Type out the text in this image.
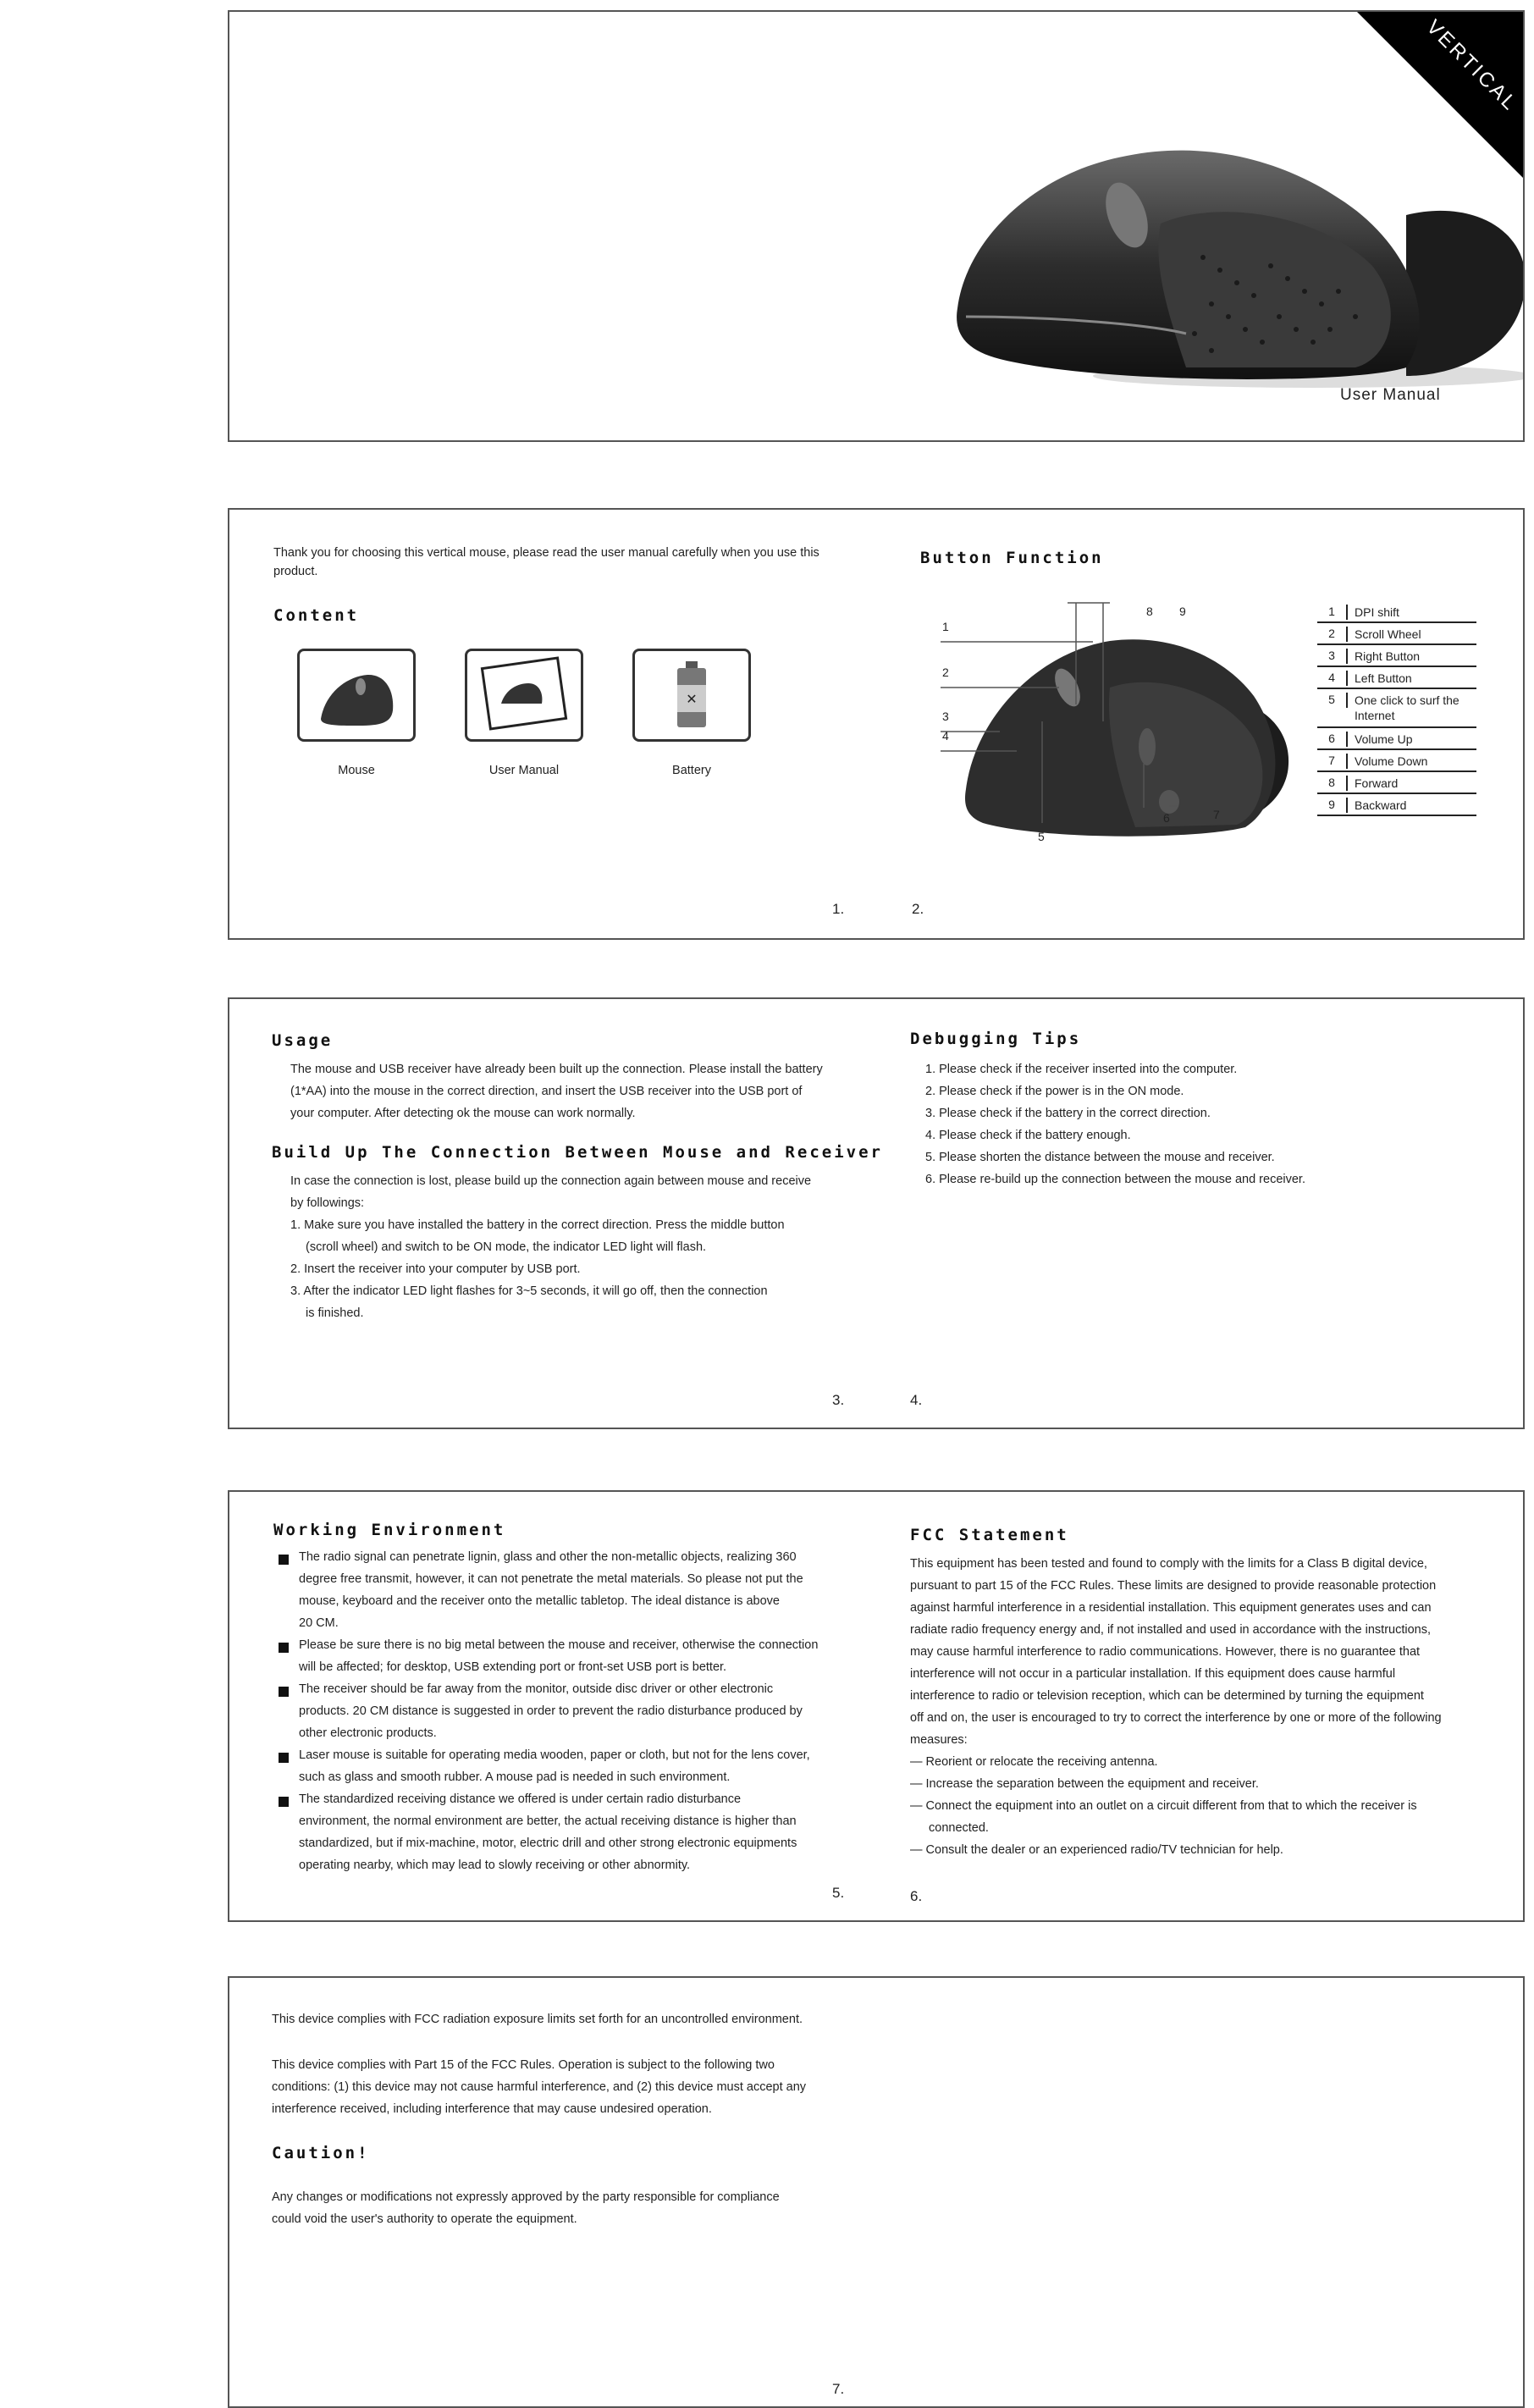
VERTICAL
User Manual
Thank you for choosing this vertical mouse, please read the user manual carefully when you use this product.
Content
Mouse	User Manual
✕
Battery
1.
Button Function
1
2
3
4
5
6	7
8 9	1	DPI shift
2	Scroll Wheel
3	Right Button
4	Left Button
5	One click to surf the Internet
6	Volume Up
7	Volume Down
8	Forward
9	Backward
2.
Usage
The mouse and USB receiver have already been built up the connection. Please install the battery
(1*AA) into the mouse in the correct direction, and insert the USB receiver into the USB port of
your computer. After detecting ok the mouse can work normally.
Build Up The Connection Between Mouse and Receiver
In case the connection is lost, please build up the connection again between mouse and receive
by followings:
1. Make sure you have installed the battery in the correct direction. Press the middle button
(scroll wheel) and switch to be ON mode, the indicator LED light will flash.
2. Insert the receiver into your computer by USB port.
3. After the indicator LED light flashes for 3~5 seconds, it will go off, then the connection
is finished.
3.
Debugging Tips
1. Please check if the receiver inserted into the computer.
2. Please check if the power is in the ON mode.
3. Please check if the battery in the correct direction.
4. Please check if the battery enough.
5. Please shorten the distance between the mouse and receiver.
6. Please re-build up the connection between the mouse and receiver.
4.
Working Environment
The radio signal can penetrate lignin, glass and other the non-metallic objects, realizing 360
degree free transmit, however, it can not penetrate the metal materials. So please not put the
mouse, keyboard and the receiver onto the metallic tabletop. The ideal distance is above
20 CM.
Please be sure there is no big metal between the mouse and receiver, otherwise the connection
will be affected; for desktop, USB extending port or front-set USB port is better.
The receiver should be far away from the monitor, outside disc driver or other electronic
products. 20 CM distance is suggested in order to prevent the radio disturbance produced by
other electronic products.
Laser mouse is suitable for operating media wooden, paper or cloth, but not for the lens cover,
such as glass and smooth rubber. A mouse pad is needed in such environment.
The standardized receiving distance we offered is under certain radio disturbance
environment, the normal environment are better, the actual receiving distance is higher than
standardized, but if mix-machine, motor, electric drill and other strong electronic equipments
operating nearby, which may lead to slowly receiving or other abnormity.
5.
FCC Statement
This equipment has been tested and found to comply with the limits for a Class B digital device,
pursuant to part 15 of the FCC Rules. These limits are designed to provide reasonable protection
against harmful interference in a residential installation. This equipment generates uses and can
radiate radio frequency energy and, if not installed and used in accordance with the instructions,
may cause harmful interference to radio communications. However, there is no guarantee that
interference will not occur in a particular installation. If this equipment does cause harmful
interference to radio or television reception, which can be determined by turning the equipment
off and on, the user is encouraged to try to correct the interference by one or more of the following
measures:
— Reorient or relocate the receiving antenna.
— Increase the separation between the equipment and receiver.
— Connect the equipment into an outlet on a circuit different from that to which the receiver is
connected.
— Consult the dealer or an experienced radio/TV technician for help.
6.
This device complies with FCC radiation exposure limits set forth for an uncontrolled environment.
This device complies with Part 15 of the FCC Rules. Operation is subject to the following two
conditions: (1) this device may not cause harmful interference, and (2) this device must accept any
interference received, including interference that may cause undesired operation.
Caution!
Any changes or modifications not expressly approved by the party responsible for compliance
could void the user's authority to operate the equipment.
7.
